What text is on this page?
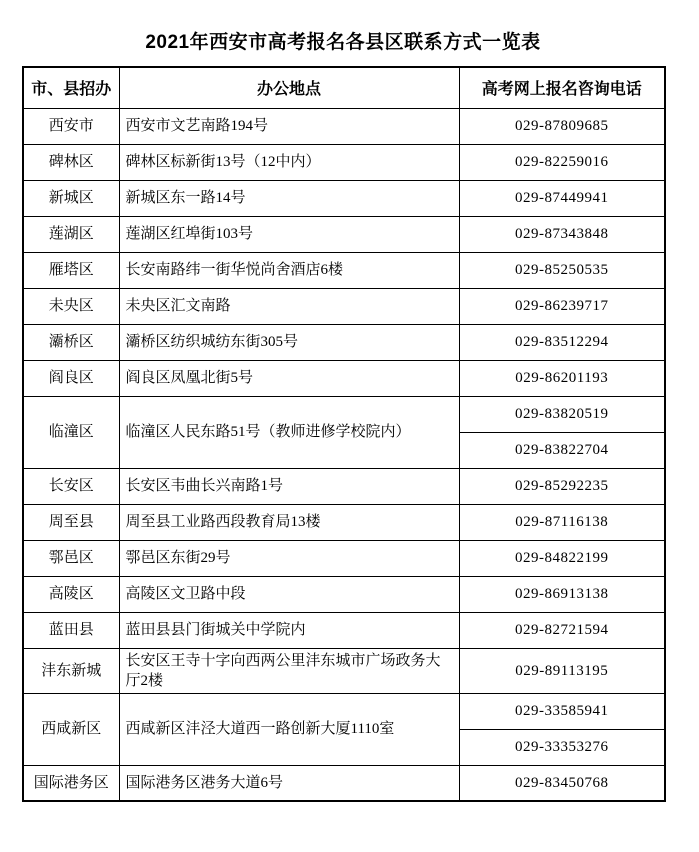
2021年西安市高考报名各县区联系方式一览表
市、县招办	办公地点	高考网上报名咨询电话
西安市	西安市文艺南路194号	029-87809685
碑林区	碑林区标新街13号（12中内）	029-82259016
新城区	新城区东一路14号	029-87449941
莲湖区	莲湖区红埠街103号	029-87343848
雁塔区	长安南路纬一街华悦尚舍酒店6楼	029-85250535
未央区	未央区汇文南路	029-86239717
灞桥区	灞桥区纺织城纺东街305号	029-83512294
阎良区	阎良区凤凰北街5号	029-86201193
临潼区	临潼区人民东路51号（教师进修学校院内）	029-83820519
		029-83822704
长安区	长安区韦曲长兴南路1号	029-85292235
周至县	周至县工业路西段教育局13楼	029-87116138
鄠邑区	鄠邑区东街29号	029-84822199
高陵区	高陵区文卫路中段	029-86913138
蓝田县	蓝田县县门街城关中学院内	029-82721594
沣东新城	长安区王寺十字向西两公里沣东城市广场政务大厅2楼	029-89113195
西咸新区	西咸新区沣泾大道西一路创新大厦1110室	029-33585941
		029-33353276
国际港务区	国际港务区港务大道6号	029-83450768
